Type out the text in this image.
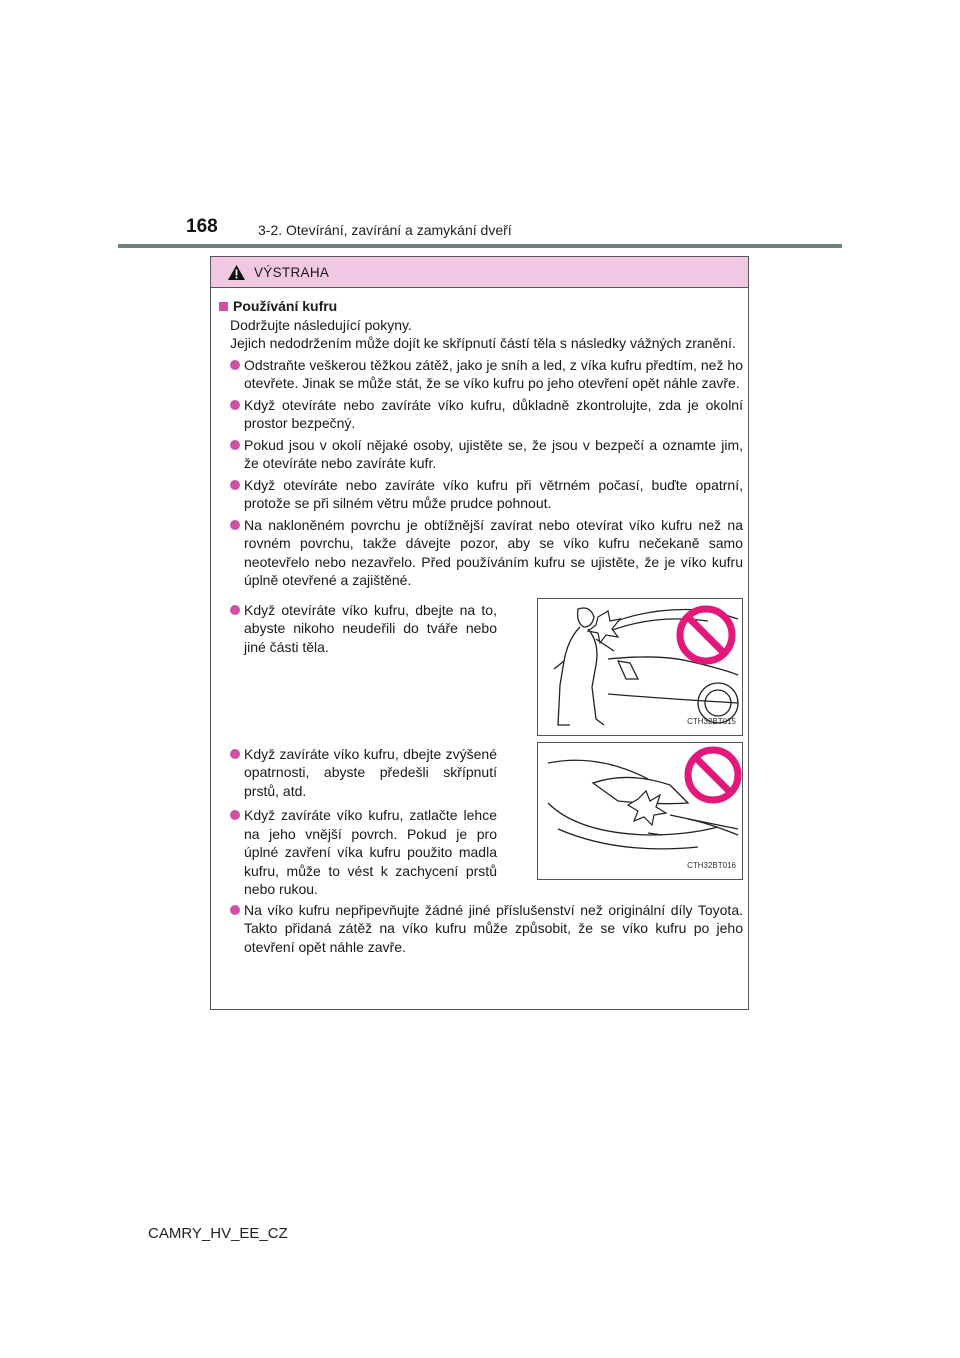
168	3-2. Otevírání, zavírání a zamykání dveří
VÝSTRAHA
Používání kufru
Dodržujte následující pokyny.
Jejich nedodržením může dojít ke skřípnutí částí těla s následky vážných zranění.
Odstraňte veškerou těžkou zátěž, jako je sníh a led, z víka kufru předtím, než ho otevřete. Jinak se může stát, že se víko kufru po jeho otevření opět náhle zavře.
Když otevíráte nebo zavíráte víko kufru, důkladně zkontrolujte, zda je okolní prostor bezpečný.
Pokud jsou v okolí nějaké osoby, ujistěte se, že jsou v bezpečí a oznamte jim, že otevíráte nebo zavíráte kufr.
Když otevíráte nebo zavíráte víko kufru při větrném počasí, buďte opatrní, protože se při silném větru může prudce pohnout.
Na nakloněném povrchu je obtížnější zavírat nebo otevírat víko kufru než na rovném povrchu, takže dávejte pozor, aby se víko kufru nečekaně samo neotevřelo nebo nezavřelo. Před používáním kufru se ujistěte, že je víko kufru úplně otevřené a zajištěné.
Když otevíráte víko kufru, dbejte na to, abyste nikoho neudeřili do tváře nebo jiné části těla.
CTH32BT015
Když zavíráte víko kufru, dbejte zvýšené opatrnosti, abyste předešli skřípnutí prstů, atd.
Když zavíráte víko kufru, zatlačte lehce na jeho vnější povrch. Pokud je pro úplné zavření víka kufru použito madla kufru, může to vést k zachycení prstů nebo rukou.
CTH32BT016
Na víko kufru nepřipevňujte žádné jiné příslušenství než originální díly Toyota. Takto přidaná zátěž na víko kufru může způsobit, že se víko kufru po jeho otevření opět náhle zavře.
CAMRY_HV_EE_CZ
